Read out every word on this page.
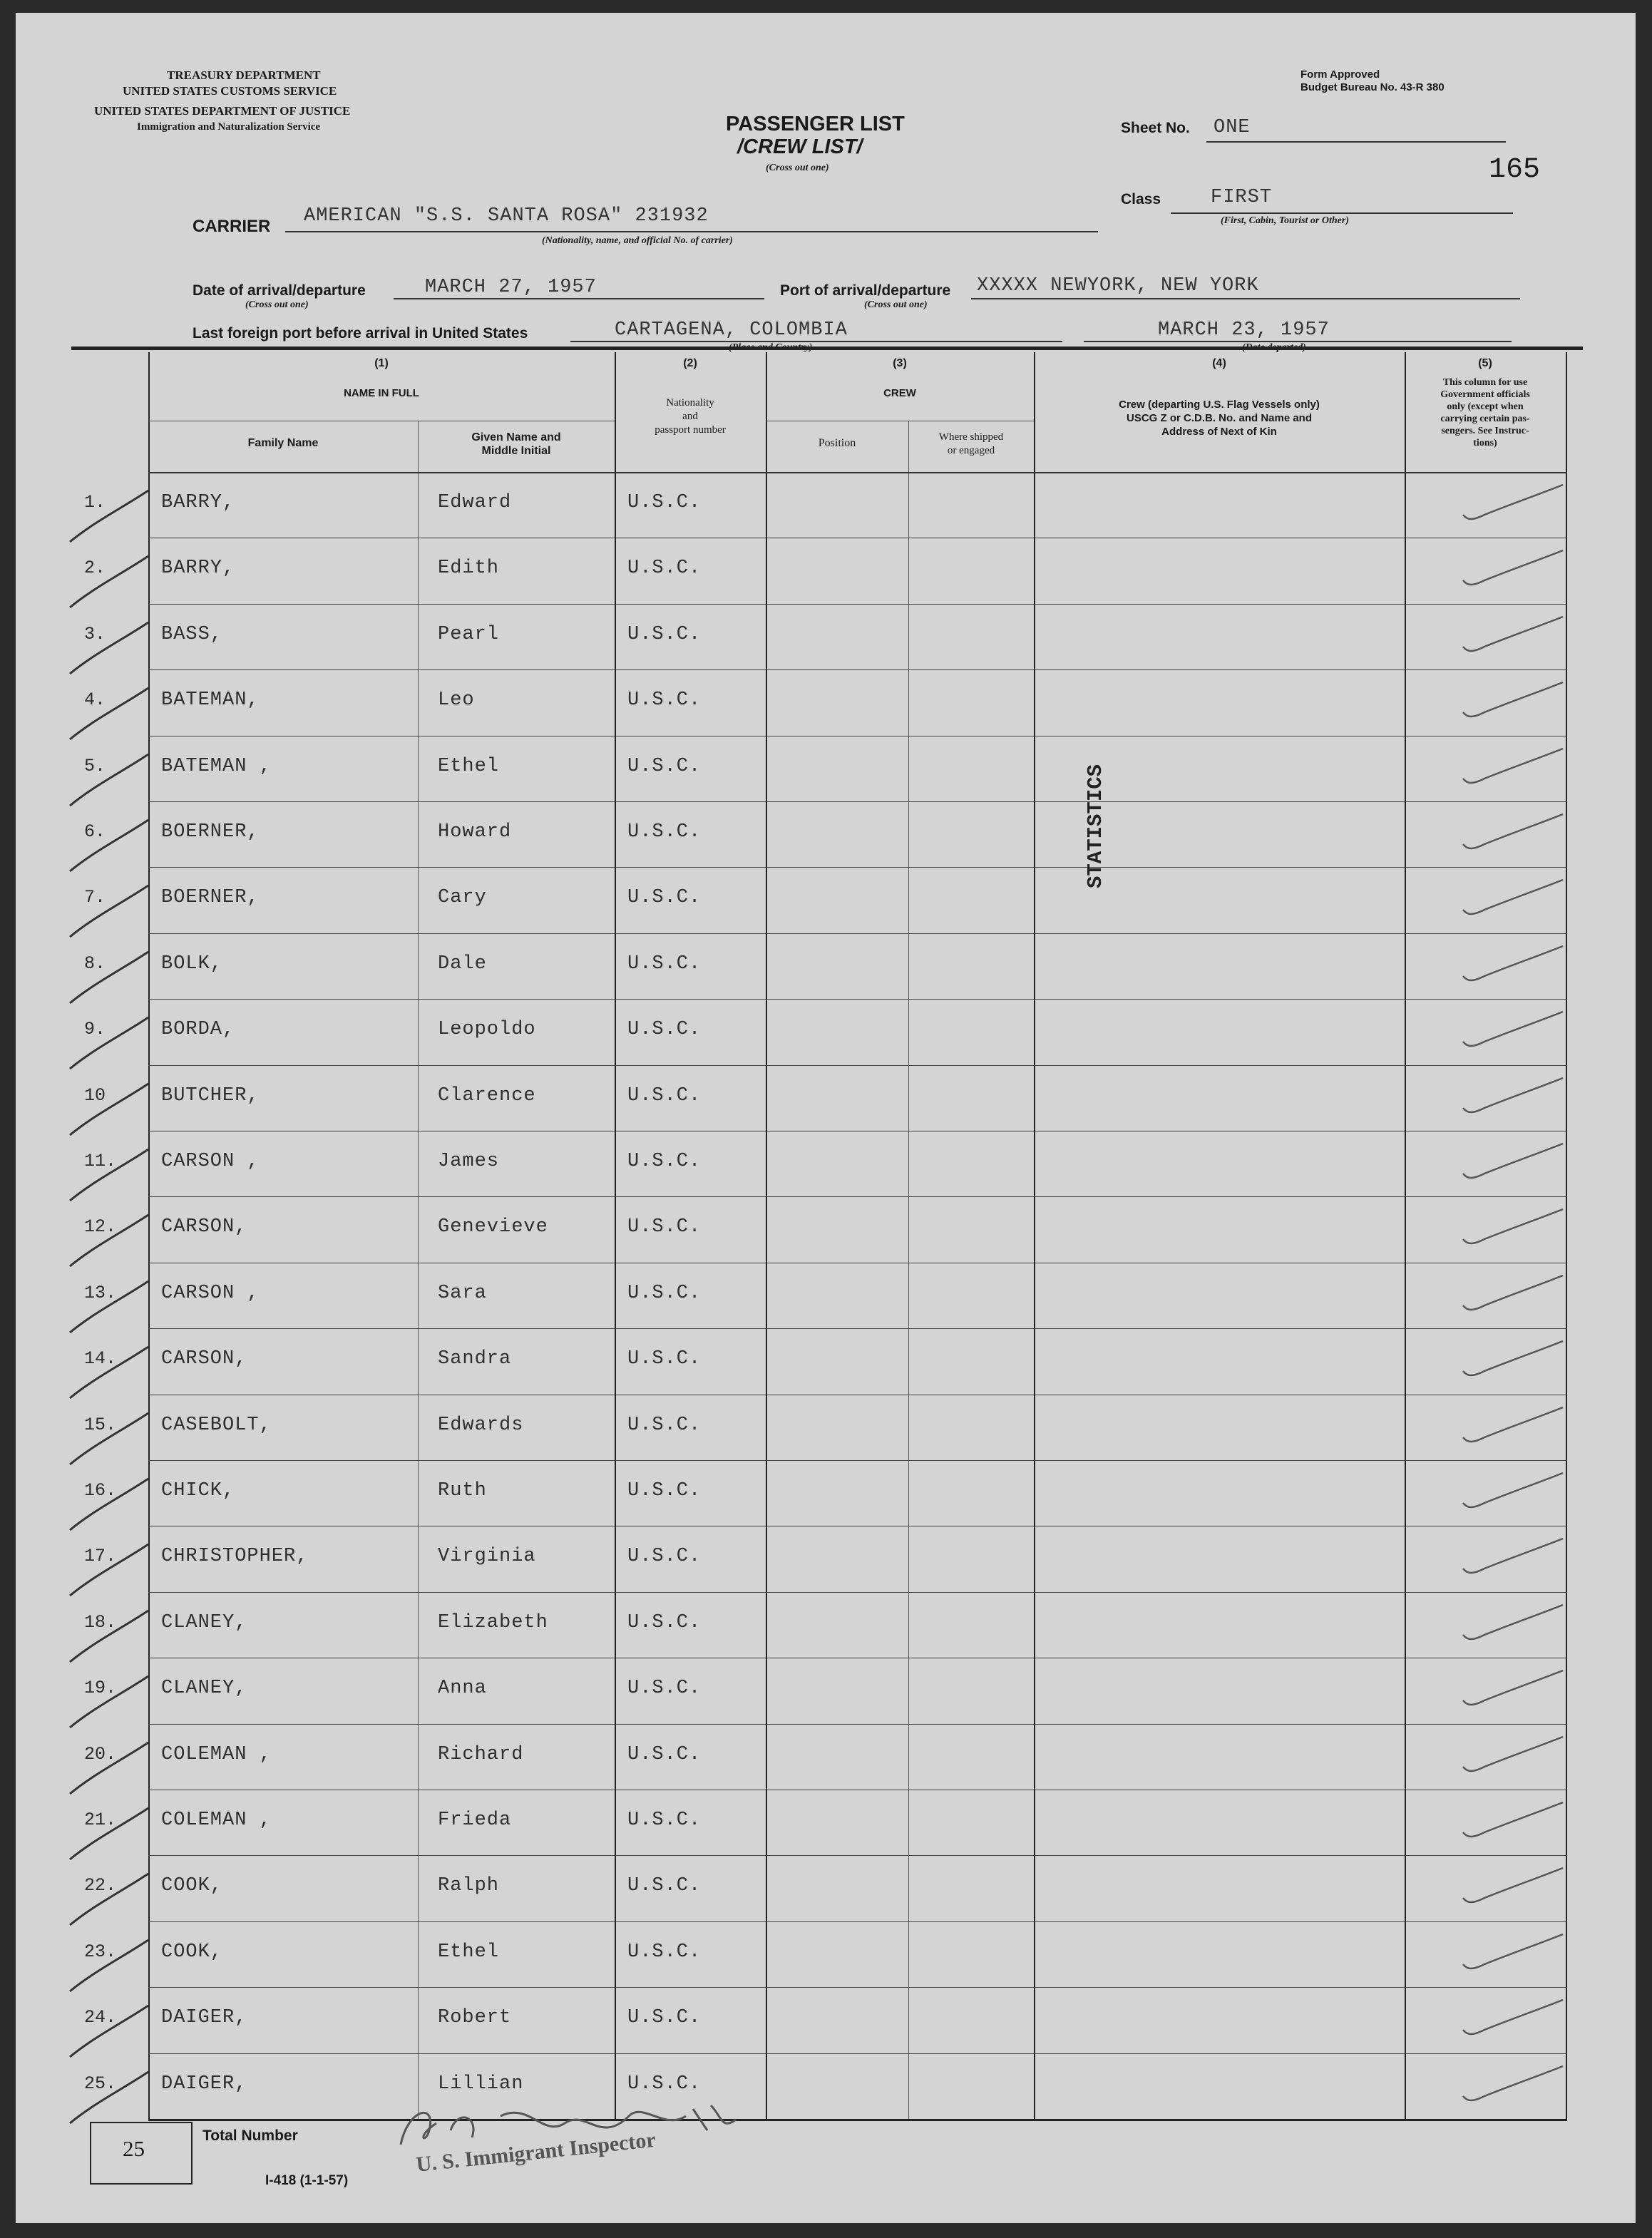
TREASURY DEPARTMENT
UNITED STATES CUSTOMS SERVICE
UNITED STATES DEPARTMENT OF JUSTICE
Immigration and Naturalization Service
Form Approved
Budget Bureau No. 43-R 380
PASSENGER LIST
/CREW LIST/
(Cross out one)
Sheet No. ONE
165
Class	FIRST
(First, Cabin, Tourist or Other)
CARRIER AMERICAN "S.S. SANTA ROSA" 231932
(Nationality, name, and official No. of carrier)
Date of arrival/departure
(Cross out one)
MARCH 27, 1957	Port of arrival/departure
(Cross out one)
XXXXX NEWYORK, NEW YORK
Last foreign port before arrival in United States	CARTAGENA, COLOMBIA	MARCH 23, 1957
(1)
NAME IN FULL
Family Name	Given Name and
Middle Initial
(2)
Nationality
and
passport number
(3)
CREW
Position	Where shipped
or engaged
(4)
Crew (departing U.S. Flag Vessels only)
USCG Z or C.D.B. No. and Name and
Address of Next of Kin
(5)
This column for use
Government officials
only (except when
carrying certain pas-
sengers. See Instruc-
tions)

1.	BARRY,	Edward	U.S.C.
2.	BARRY,	Edith	U.S.C.
3.	BASS,	Pearl	U.S.C.
4.	BATEMAN,	Leo	U.S.C.
5.	BATEMAN ,	Ethel	U.S.C.
6.	BOERNER,	Howard	U.S.C.
7.	BOERNER,	Cary	U.S.C.
8.	BOLK,	Dale	U.S.C.
9.	BORDA,	Leopoldo	U.S.C.
10	BUTCHER,	Clarence	U.S.C.
11. CARSON ,	James	U.S.C.
12. CARSON,	Genevieve	U.S.C.
13. CARSON ,	Sara	U.S.C.
14. CARSON,	Sandra	U.S.C.
15. CASEBOLT,	Edwards	U.S.C.
16. CHICK,	Ruth	U.S.C.
17. CHRISTOPHER,	Virginia	U.S.C.
18. CLANEY,	Elizabeth	U.S.C.
19. CLANEY,	Anna	U.S.C.
20. COLEMAN ,	Richard	U.S.C.
21. COLEMAN ,	Frieda	U.S.C.
22. COOK,	Ralph	U.S.C.
23. COOK,	Ethel	U.S.C.
24. DAIGER,	Robert	U.S.C.
25. DAIGER,	Lillian	U.S.C.
STATISTICS
25
Total Number
I-418 (1-1-57)
U. S. Immigrant Inspector
